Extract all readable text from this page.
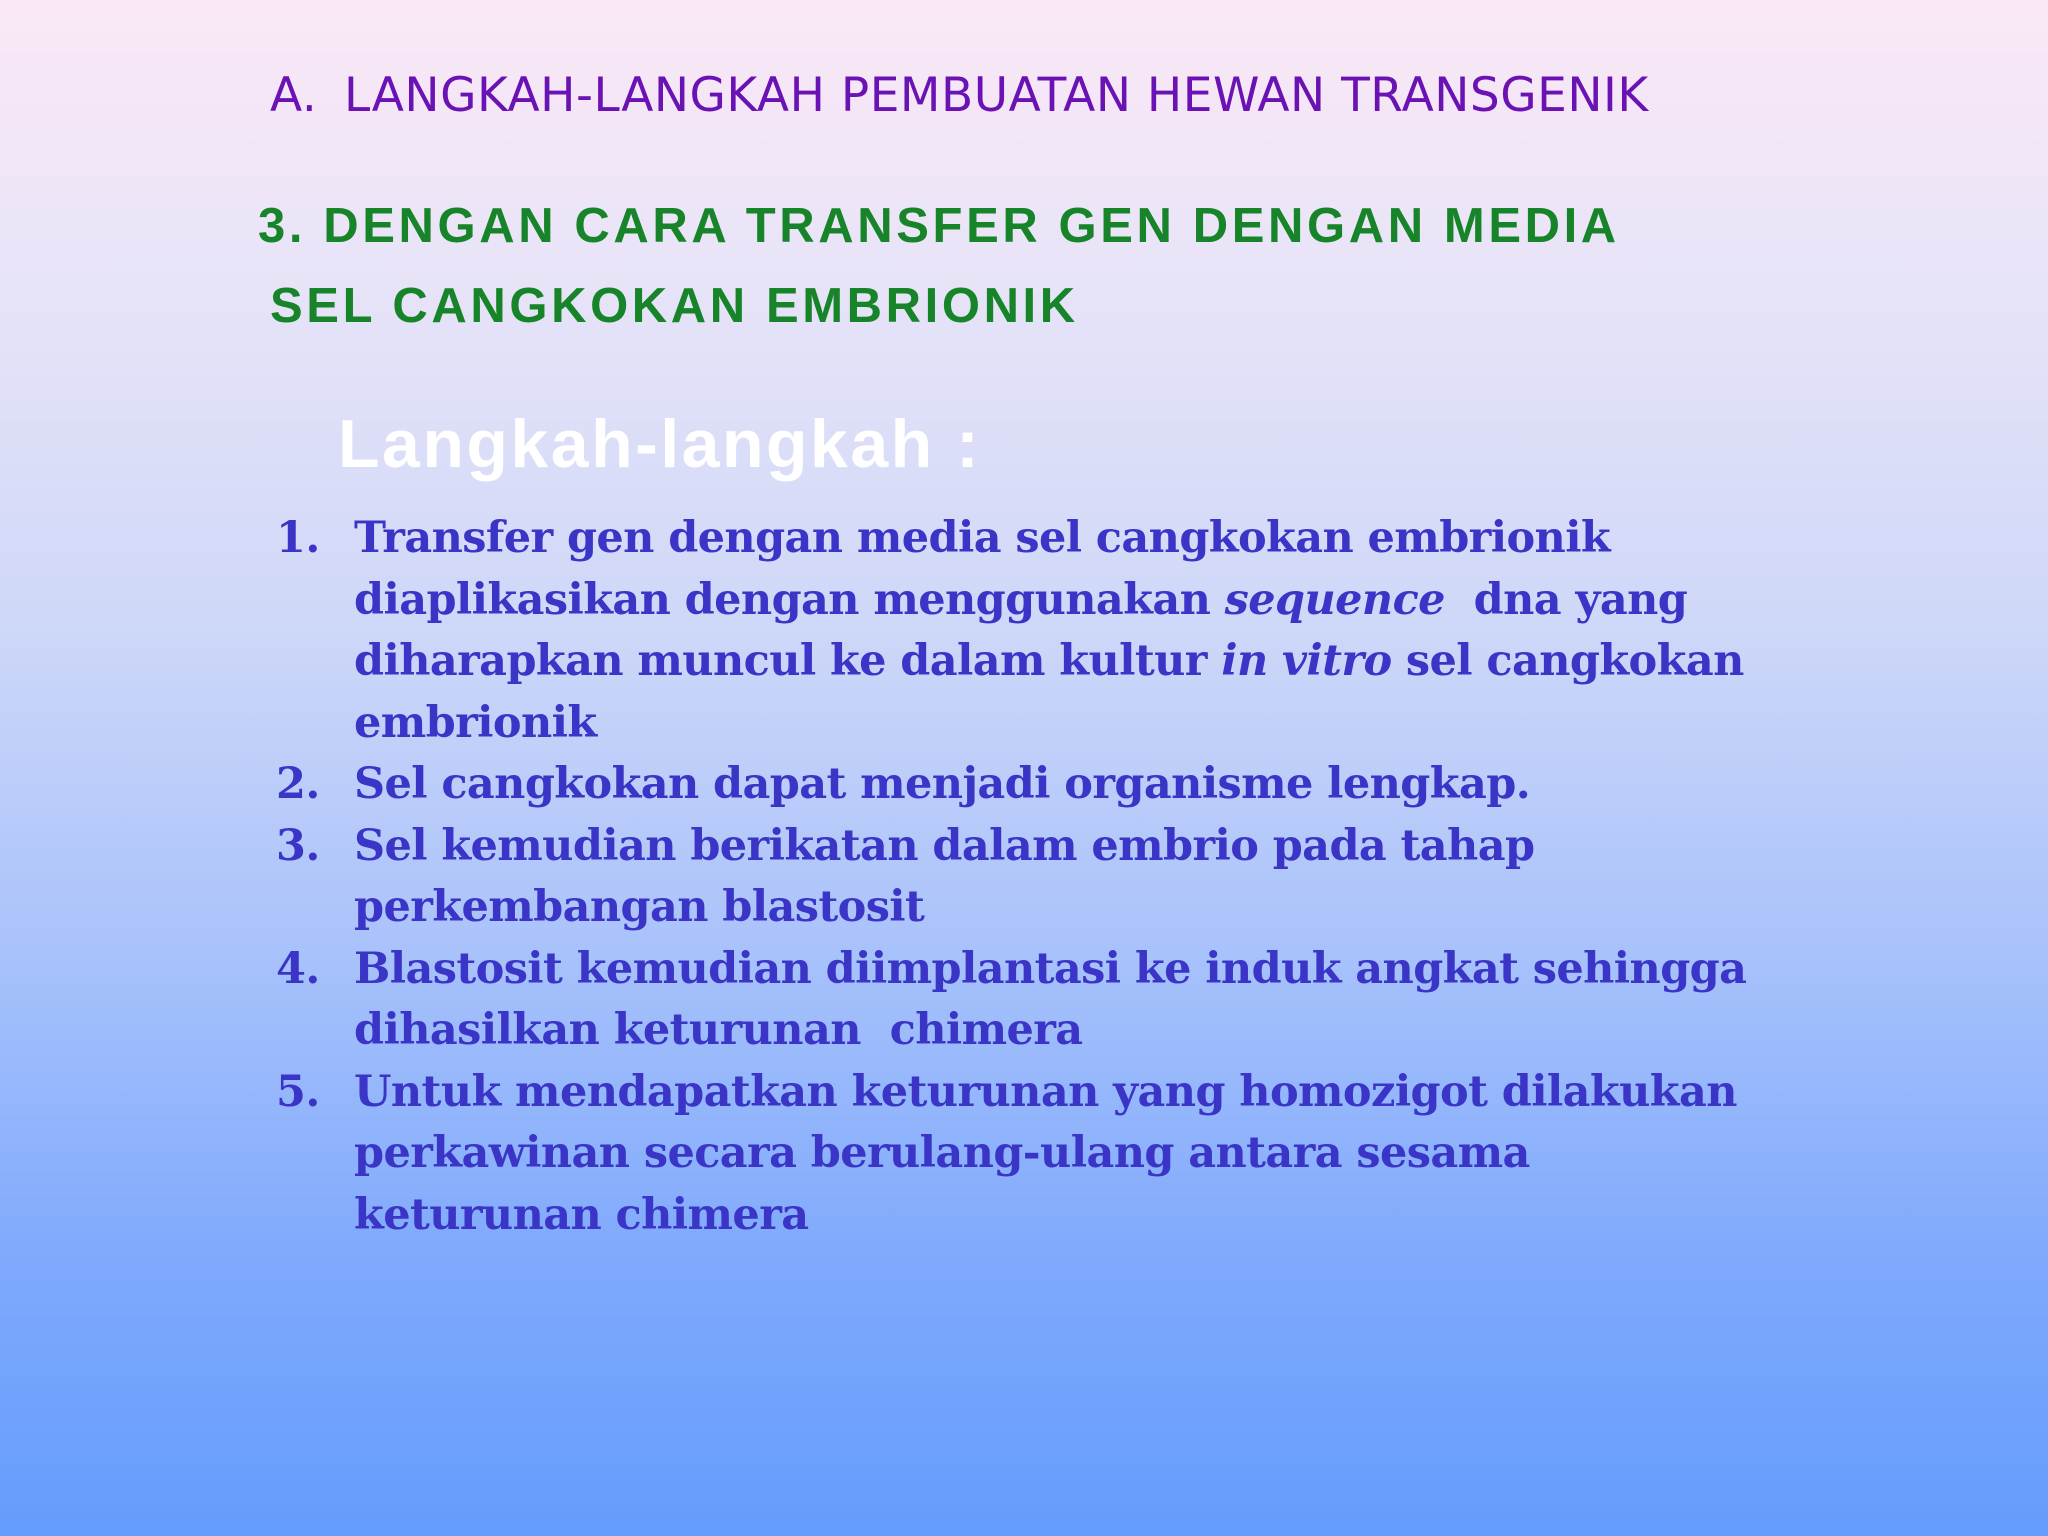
A. LANGKAH-LANGKAH PEMBUATAN HEWAN TRANSGENIK
3. DENGAN CARA TRANSFER GEN DENGAN MEDIA
SEL CANGKOKAN EMBRIONIK
Langkah-langkah :
1. Transfer gen dengan media sel cangkokan embrionik
diaplikasikan dengan menggunakan sequence  dna yang
diharapkan muncul ke dalam kultur in vitro sel cangkokan
embrionik
2. Sel cangkokan dapat menjadi organisme lengkap.
3. Sel kemudian berikatan dalam embrio pada tahap
perkembangan blastosit
4. Blastosit kemudian diimplantasi ke induk angkat sehingga
dihasilkan keturunan  chimera
5. Untuk mendapatkan keturunan yang homozigot dilakukan
perkawinan secara berulang-ulang antara sesama
keturunan chimera
